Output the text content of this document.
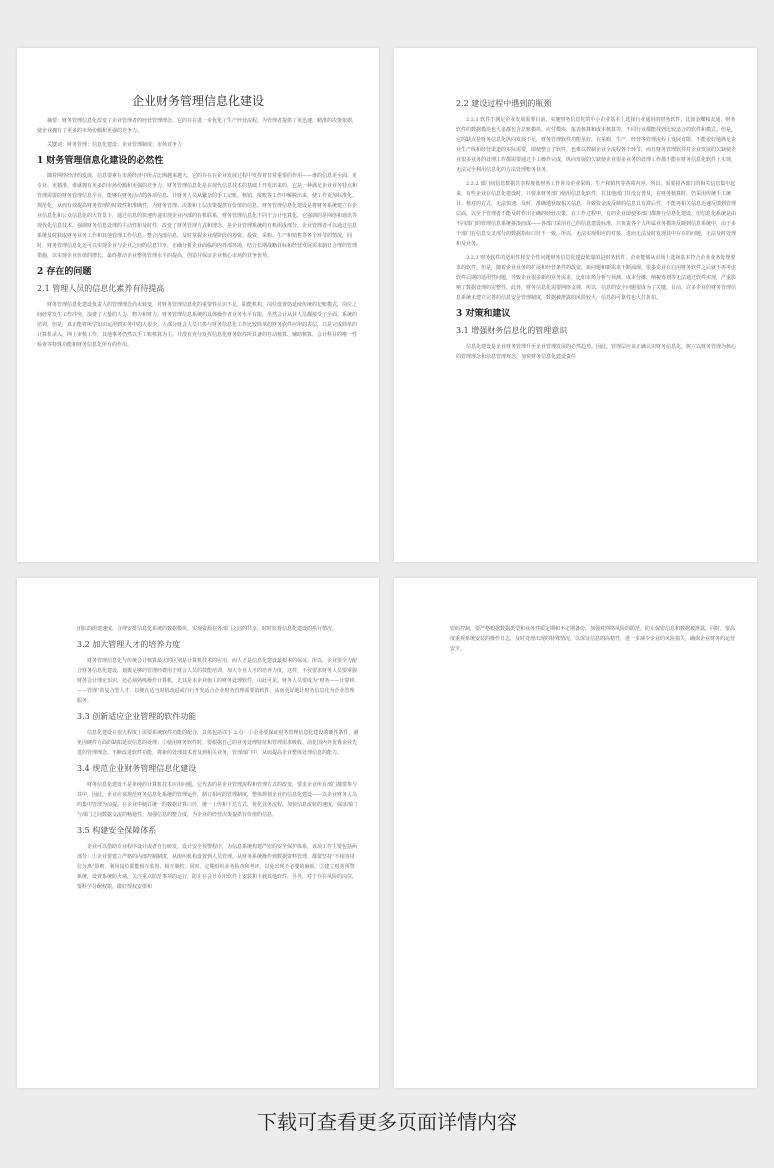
企业财务管理信息化建设
摘要：财务管理信息化改变了企业管理者的经营管理理念，它的存在进一步优化了生产经营流程，为管理者提供了更迅速、精准的决策依据，使企业拥有了更多的市场份额和更强的竞争力。
关键词：财务管理；信息化建设；企业管理制度；市场竞争力
1 财务管理信息化建设的必然性
随着网络经济的发展，信息要素在市场经济中所占比例越来越大，它的存在在企业发展过程中发挥着非常重要的作用——谁的信息更全面、更专业、更精准，谁就拥有更多的市场份额和更强的竞争力。财务管理信息化是在现代信息技术的基础上开发出来的，它是一种满足企业业务特点和管理需要的财务管理信息平台，能够在财务活动的各项信息、计财务人员从繁杂的手工记账、核销、报账等工作中解脱出来，使工作更加标准化、规范化，从而有效提高财务管理的时效性和准确性，为财务管理、决策和上层决策提供有价值的信息。财务管理信息化建设是将财务系统建立在企业信息化和公众信息化的大背景下，通过信息的快速传递实现企业内部的有机联系，财务管理信息化不同于会计电算化，它强调的是网络和通讯等现代化信息技术，强调财务信息处理的主动性和及时性，改变了财务管理方式和理念，是企业管理系统的有机组成部分。企业管理者可以通过信息系统及时获取财务业务工作和其他管理工作信息，整合内部信息，及时掌握企业现阶段的筹资、投资、采购、生产和销售等各个环节的情况，同时，财务管理信息化还可以实现企业与企业之间的信息共享，正确分析企业面临的内外部环境，结合长期战略目标和经营发展需求制订合理的管理措施，以实现企业价值的增长，最终推动企业整体管理水平的提高，创造并保证企业核心市场的竞争优势。
2 存在的问题
2.1 管理人员的信息化素养有待提高
财务管理信息化建设负责人的管理理念尚未转变，对财务管理信息化的重要性认识不足，职能机构、岗位设置仍延续传统的记账模式，岗位之间经常发生工作冲突，浪费了大量的人力、物力和财力。财务管理信息系统的具体操作者业务水平有限，虽然会计从业人员都接受了全面、系统的培训，但是，真正能将所学知识运用到实务中的人很少。大部分财会人员只参与财务信息化工作比较简单的财务软件应用的表层，只是完成简单的计算机录入、网上审核工作，其他事务仍然以手工账核算为主，并没有充分发挥信息化财务软件所具备的自动核算、辅助核算、会计科目的唯一性检查等特殊功能和财务信息化所有的作用。
2.2 建设过程中遇到的瓶颈
2.2.1 软件不满足企业发展需要目前，实施财务信息化的中小企业基本上选择行业通用的财务软件，比如金蝶和友通，财务软件的数据模块也大多都包含总账模块、应付模块、报表核算和成本核算等，不同行业都能找到比较适合的软件和模式。但是，它的缺点是财务信息化纵向发展不足，财务管理软件功能虽好，在采购、生产、经营等管理流程上发展有限，不能很好地满足企业生产线和经营渠道的实际需要，即使整合了软件，也难以控制企业全流程各个环节，而且财务管理软件对企业发展的欠缺使企业很多业务的处理工作都需要通过手工操作完成，纵向发展的欠缺使企业很多业务的处理工作都不能在财务信息化软件上实现，无法完全利用信息化的方法处理账务业务。
2.2.2 部门间信息数据共享程度低财务工作涉及企业采购、生产和销售等各项内容，所以，需要将各部门的相关信息集中起来，有些企业在信息化建设时，只要求财务部门使用信息化软件，在其他部门并没有普及，在财务核算时，仍采用传统手工统计、核对的方式，无法快速、及时、准确地获取相关信息，导致资金流反映的信息具有滞后性，不能再相关信息迅速反馈到管理层面，以至于管理者不能及时作出正确的经营决策。在工作过程中，有的企业即使多部门都推行信息化建设，但信息化系统是由不同部门的管理信息系统拼凑而成——各部门采用自己的信息建设标准，只负责各个人所属业务模块反映到信息系统中，由于多个部门在信息交叉部分的数据指标口径不一致，所以，无法实现相应的对接，进而无法及时发现其中存在的问题，无法及时处理和及业务。
2.2.3 财务软件的适用性和安全性问题财务信息化建设依靠的是财务软件，企业能够从市场上选择基本符合企业业务处理要求的软件。但是，随着企业业务的扩展和经营条件的改变，新问题和新需求不断涌现，很多企业在启用财务软件之后就不再考虑软件后期的适用性问题，导致企业很多新的业务需求，比如市场分析与预测、成本分摊、纳税筹划等无法通过软件实现，严重影响了数据处理的完整性。此外，财务信息化需要网络支撑，所以，信息的安全问题很成为了关键。目前，许多企业的财务管理信息系统未建立完善的信息安全管理制度，数据被泄露的风险较大，信息的可靠性也大打折扣。
3 对策和建议
3.1 增强财务信息化的管理意识
信息化建设是企业财务管理升至企业管理发展的必然趋势。因此，管理层应该正确认识财务信息化，树立以财务管理为核心的管理理念和信息管理观念，加快财务信息化建设责任
团队的组建速度，合理安排信息化系统的数据模块，实现资源在各部门之间的共享，时时监督信息化建设的执行情况。
3.2 加大管理人才的培养力度
财务管理信息化与传统会计核算最大的区别是计算机技术的应用，而人才是信息化建设最根本的保证，所以，企业要全力配合财务信息化建设，划拨足够的管理经费用于财会人员的技能培训，加大专业人才的培养力度，这样，不仅要求财务人员要掌握财务会计理论知识，还必须熟练操作计算机，尤其是本企业施工的财务处理软件，由此可见，财务人员要成为“财务——计算机——管理”的复合型人才，以便在适当时机改进或自行开发适合企业财务管理需要的软件，从而更好地让财务信息化为企业管理服务。
3.3 创新适应企业管理的软件功能
信息化建设在很大程度上需要系统软件功能的配合，具体包括以下 2 点：①企业要保证财务管理信息化建设的硬件条件，避免因硬件方面的缺陷延误信息的处理；②使用财务软件时，要根据自己的业务处理特征和管理需求吸收、消化国内外优秀企业先进的管理理念，不断改进软件功能，将新的处理技术普及到相关业务，管理部门中，从而提高企业整体处理信息的能力。
3.4 规范企业财务管理信息化建设
财务信息化建设不是单纯的计算机技术应用问题，它代表的是企业管理流程和管理方式的改变，要求企业所有部门都要参与其中，因此，企业应该规范财务信息化系统的管理运作，制订相应的管理制度，整体规划企业的信息化建设——以企业财务人员的集中管理为前提，在企业中制订统一的数据计算口径，统一上传和下达方式，优化业务流程，加快信息流转的速度，保证部门与部门之间数据交流的畅通性，加强信息的整合度，为企业的经营决策提供有价值的信息。
3.5 构建安全保障体系
企业可以借助专业程序设计或者自行研发，设计安全预警程序，为信息系统构建严密的安全保护体系，该项工作主要包括两部分：①企业要建立严格的内部控制制度，从组织机构设置到人员管理，从财务系统操作到数据资料管理，都要坚持“不相容岗位分离”原则，利用岗位职能相互监督、相互制约，同时，定期组织业务检查和考评，以免出现不必要的麻烦。②建立财务预警系统，设置系统防火墙，关注重点防范事项的运行，防止在会计专用软件上安装和下载其他软件，另外，对于存在风险的岗位，要科学分配权限，做好授权安排和
密码控制，要严格根据数据类型和业务性质定期和不定期备份，加强对网络风险的防范，防止保密信息和数据被泄露。同时，要高度重视系统安装的操作日志，及时处理出现的特殊情况，以保证信息的高精性，进一步减少企业的风险损失，确保企业财务的运营安全。
下载可查看更多页面详情内容
